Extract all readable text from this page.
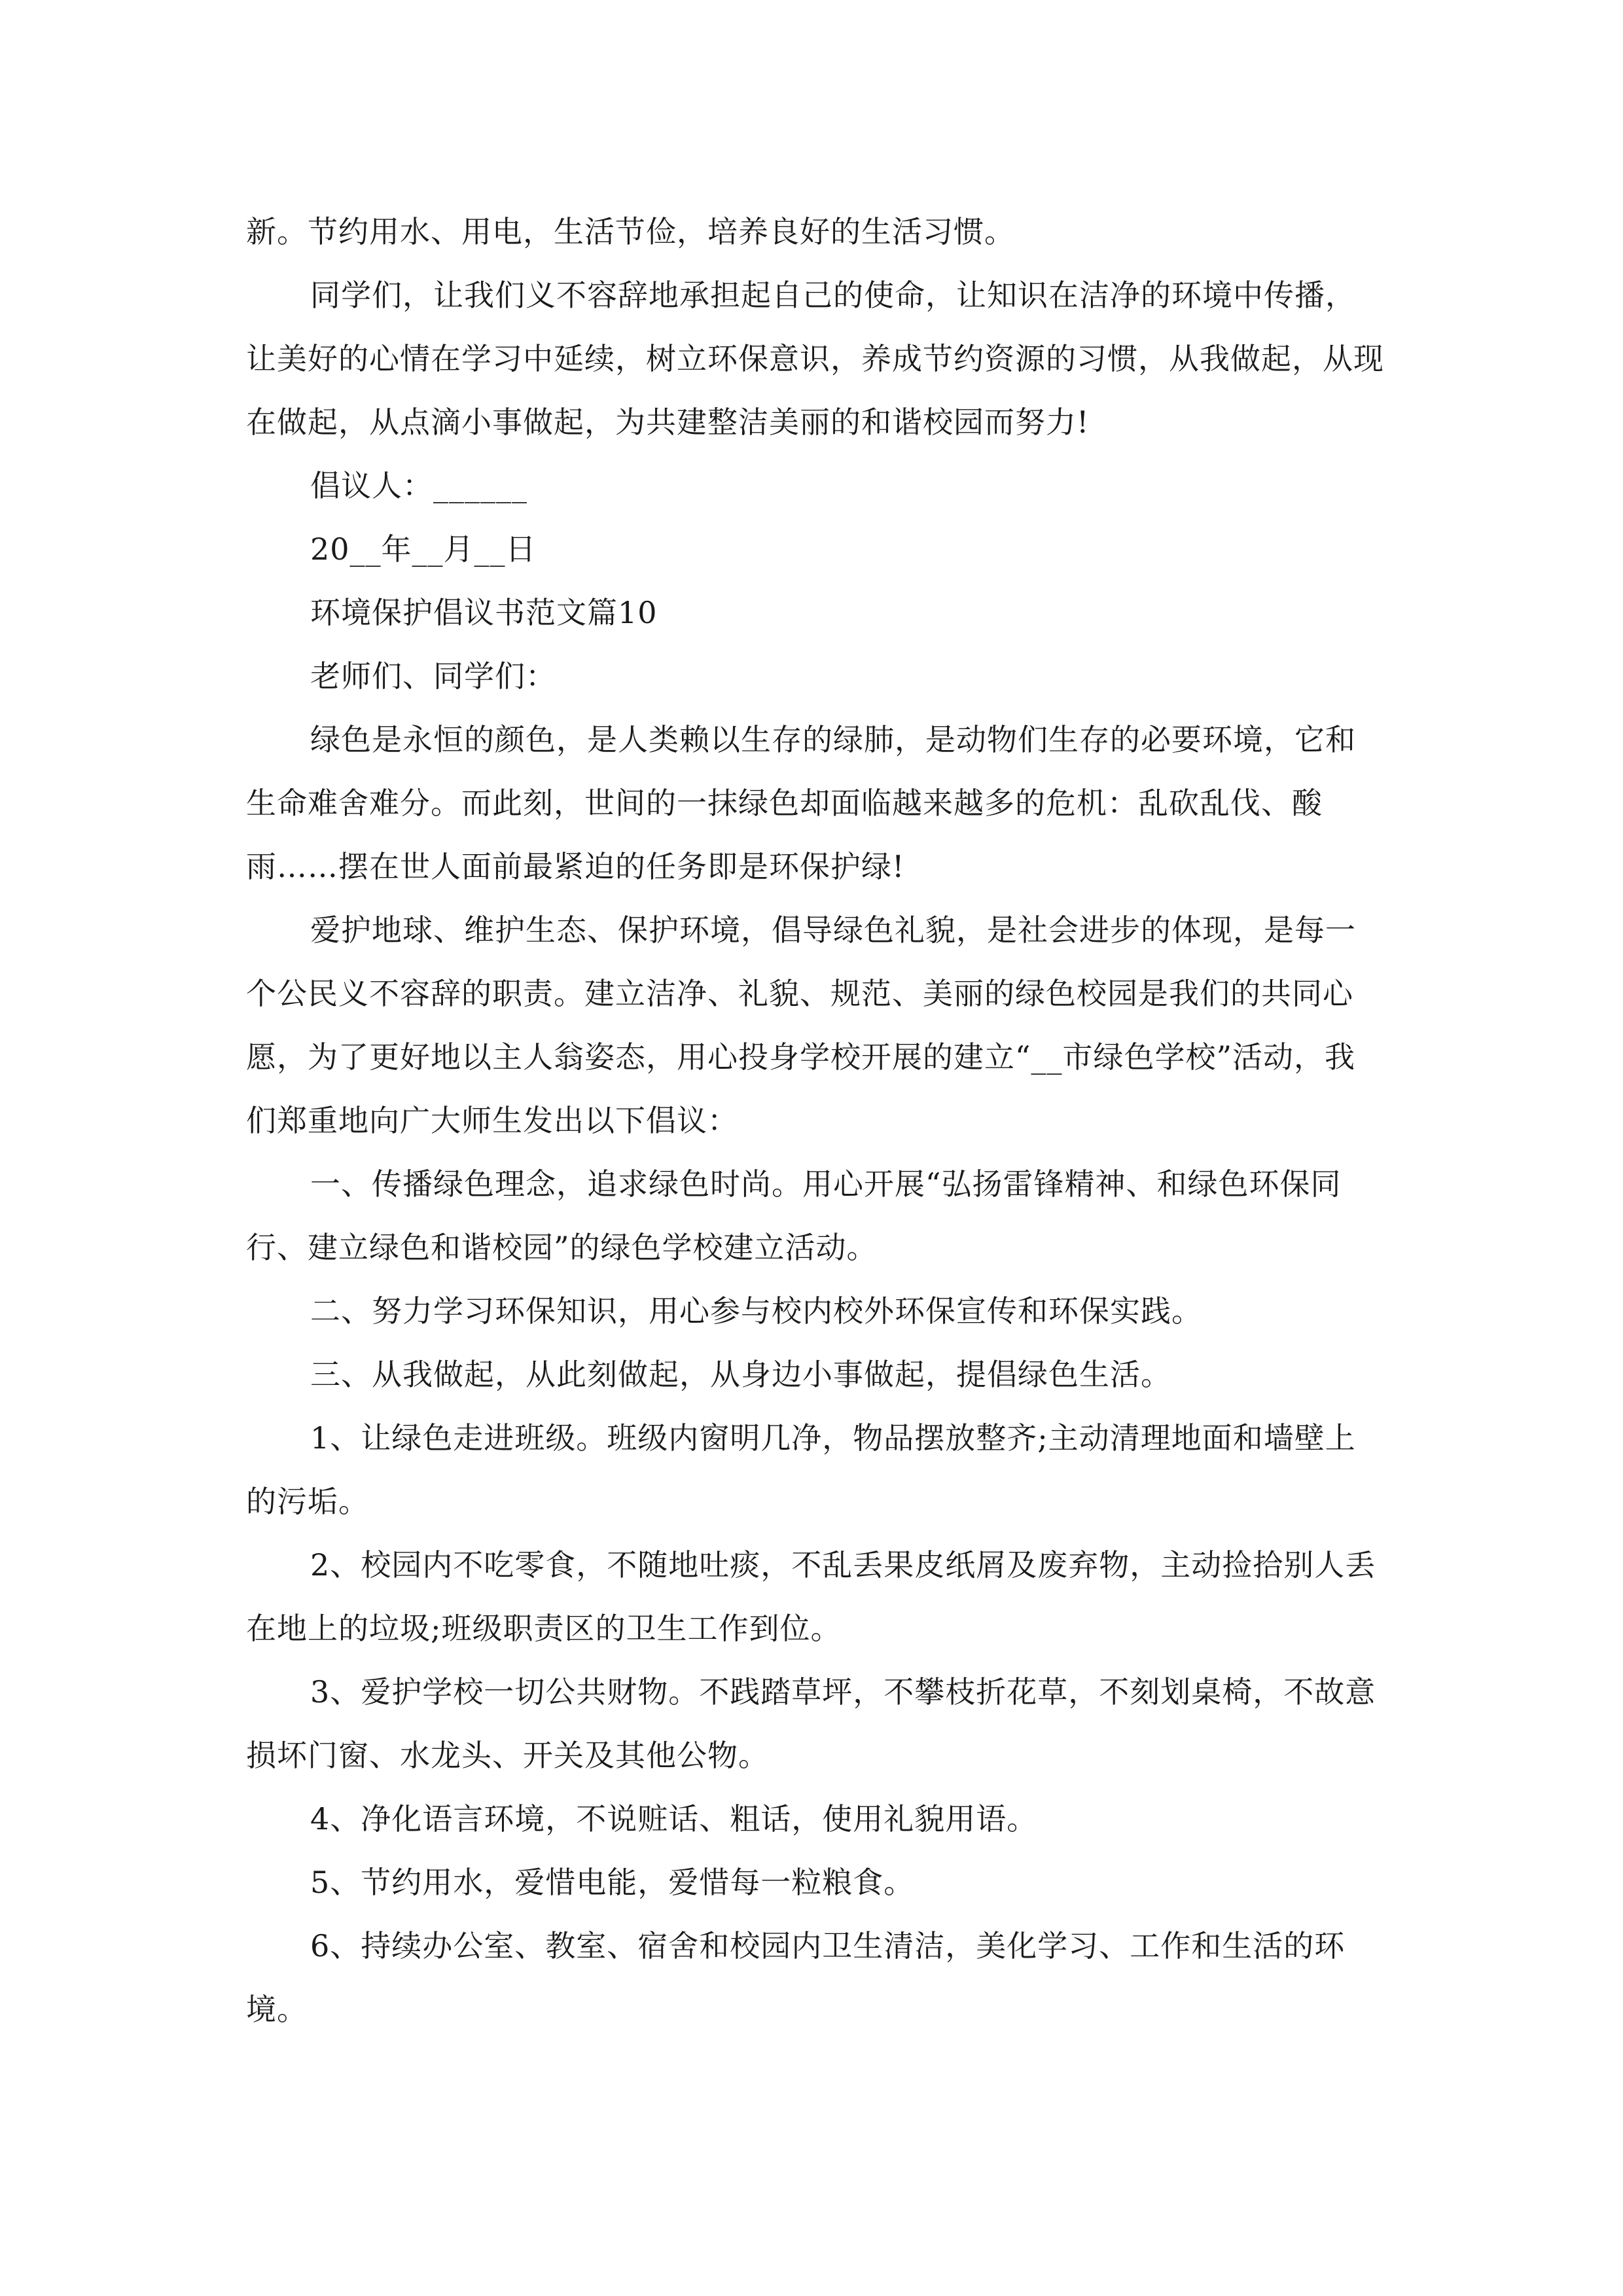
新。节约用水、用电，生活节俭，培养良好的生活习惯。

同学们，让我们义不容辞地承担起自己的使命，让知识在洁净的环境中传播，让美好的心情在学习中延续，树立环保意识，养成节约资源的习惯，从我做起，从现在做起，从点滴小事做起，为共建整洁美丽的和谐校园而努力!

倡议人：______

20__年__月__日

环境保护倡议书范文篇10

老师们、同学们：

绿色是永恒的颜色，是人类赖以生存的绿肺，是动物们生存的必要环境，它和生命难舍难分。而此刻，世间的一抹绿色却面临越来越多的危机：乱砍乱伐、酸雨……摆在世人面前最紧迫的任务即是环保护绿!

爱护地球、维护生态、保护环境，倡导绿色礼貌，是社会进步的体现，是每一个公民义不容辞的职责。建立洁净、礼貌、规范、美丽的绿色校园是我们的共同心愿，为了更好地以主人翁姿态，用心投身学校开展的建立“__市绿色学校”活动，我们郑重地向广大师生发出以下倡议：

一、传播绿色理念，追求绿色时尚。用心开展“弘扬雷锋精神、和绿色环保同行、建立绿色和谐校园”的绿色学校建立活动。

二、努力学习环保知识，用心参与校内校外环保宣传和环保实践。

三、从我做起，从此刻做起，从身边小事做起，提倡绿色生活。

1、让绿色走进班级。班级内窗明几净，物品摆放整齐;主动清理地面和墙壁上的污垢。

2、校园内不吃零食，不随地吐痰，不乱丢果皮纸屑及废弃物，主动捡拾别人丢在地上的垃圾;班级职责区的卫生工作到位。

3、爱护学校一切公共财物。不践踏草坪，不攀枝折花草，不刻划桌椅，不故意损坏门窗、水龙头、开关及其他公物。

4、净化语言环境，不说赃话、粗话，使用礼貌用语。

5、节约用水，爱惜电能，爱惜每一粒粮食。

6、持续办公室、教室、宿舍和校园内卫生清洁，美化学习、工作和生活的环境。
